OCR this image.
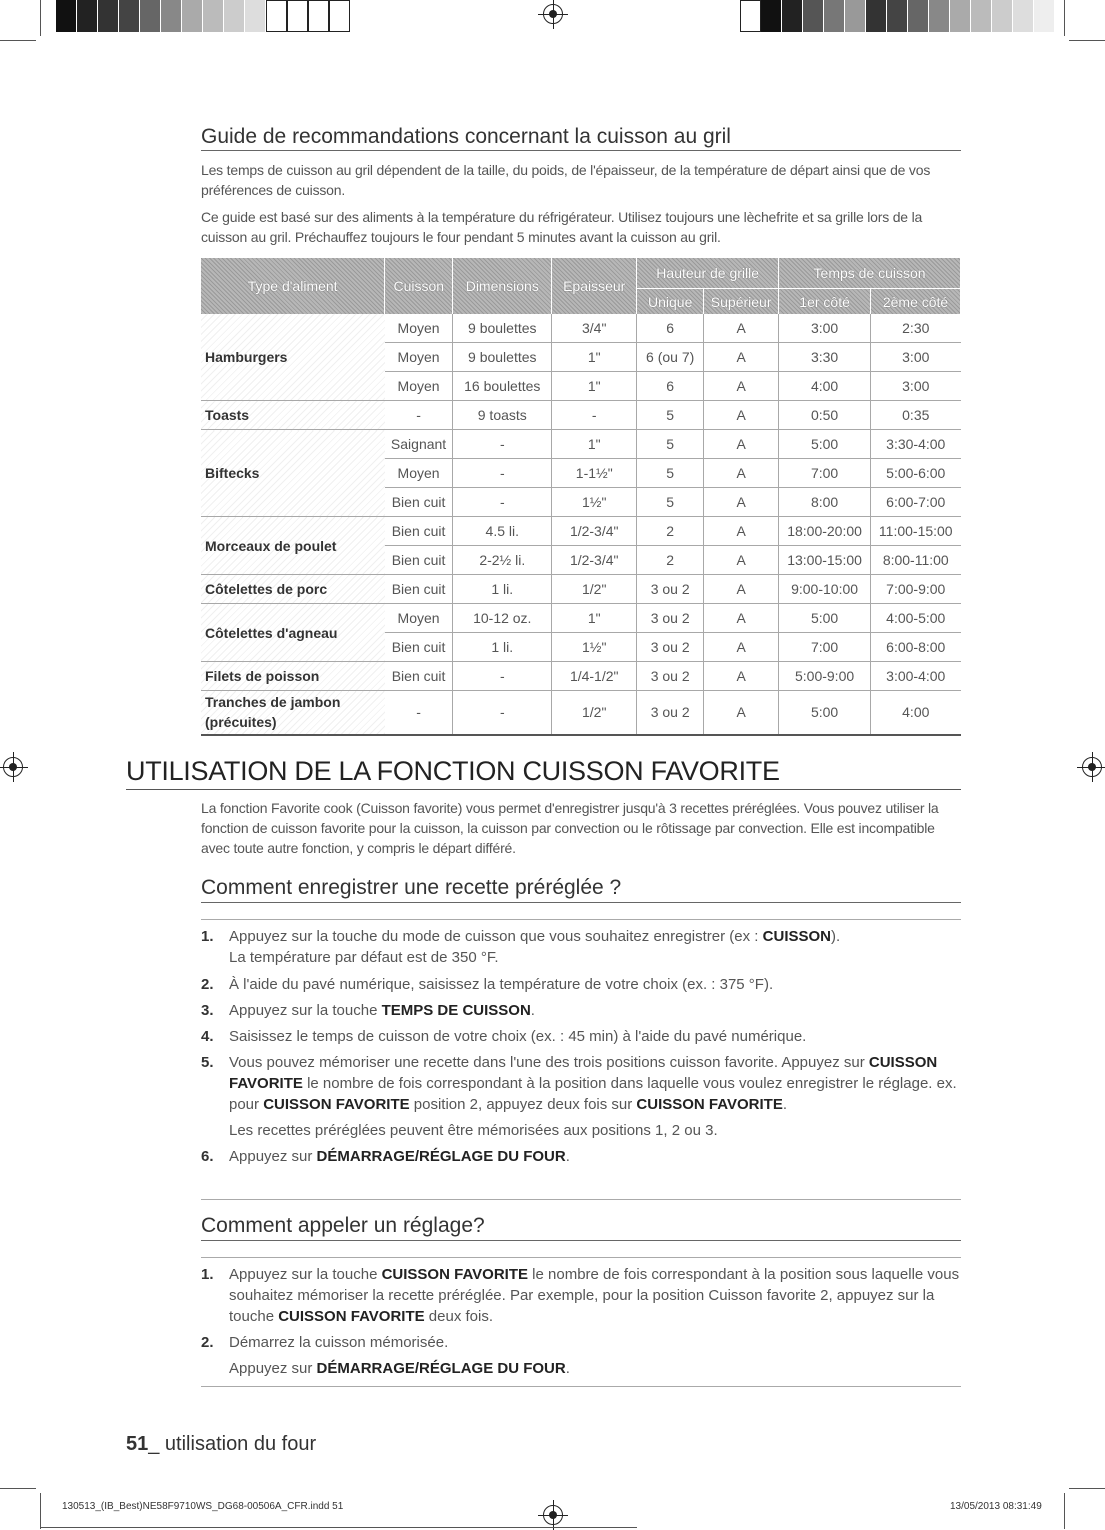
Guide de recommandations concernant la cuisson au gril

Les temps de cuisson au gril dépendent de la taille, du poids, de l'épaisseur, de la température de départ ainsi que de vos préférences de cuisson.

Ce guide est basé sur des aliments à la température du réfrigérateur. Utilisez toujours une lèchefrite et sa grille lors de la cuisson au gril. Préchauffez toujours le four pendant 5 minutes avant la cuisson au gril.

Type d'aliment	Cuisson	Dimensions	Epaisseur	Hauteur de grille		Temps de cuisson	
				Unique	Supérieur	1er côté	2ème côté
Hamburgers	Moyen	9 boulettes	3/4"	6	A	3:00	2:30
	Moyen	9 boulettes	1"	6 (ou 7)	A	3:30	3:00
	Moyen	16 boulettes	1"	6	A	4:00	3:00
Toasts	-	9 toasts	-	5	A	0:50	0:35
Biftecks	Saignant	-	1"	5	A	5:00	3:30-4:00
	Moyen	-	1-1½"	5	A	7:00	5:00-6:00
	Bien cuit	-	1½"	5	A	8:00	6:00-7:00
Morceaux de poulet	Bien cuit	4.5 li.	1/2-3/4"	2	A	18:00-20:00	11:00-15:00
	Bien cuit	2-2½ li.	1/2-3/4"	2	A	13:00-15:00	8:00-11:00
Côtelettes de porc	Bien cuit	1 li.	1/2"	3 ou 2	A	9:00-10:00	7:00-9:00
Côtelettes d'agneau	Moyen	10-12 oz.	1"	3 ou 2	A	5:00	4:00-5:00
	Bien cuit	1 li.	1½"	3 ou 2	A	7:00	6:00-8:00
Filets de poisson	Bien cuit	-	1/4-1/2"	3 ou 2	A	5:00-9:00	3:00-4:00
Tranches de jambon (précuites)	-	-	1/2"	3 ou 2	A	5:00	4:00
UTILISATION DE LA FONCTION CUISSON FAVORITE

La fonction Favorite cook (Cuisson favorite) vous permet d'enregistrer jusqu'à 3 recettes préréglées. Vous pouvez utiliser la fonction de cuisson favorite pour la cuisson, la cuisson par convection ou le rôtissage par convection. Elle est incompatible avec toute autre fonction, y compris le départ différé.

Comment enregistrer une recette préréglée ?
1. Appuyez sur la touche du mode de cuisson que vous souhaitez enregistrer (ex : CUISSON).
La température par défaut est de 350 °F.
2. À l'aide du pavé numérique, saisissez la température de votre choix (ex. : 375 °F).
3. Appuyez sur la touche TEMPS DE CUISSON.
4. Saisissez le temps de cuisson de votre choix (ex. : 45 min) à l'aide du pavé numérique.
5. Vous pouvez mémoriser une recette dans l'une des trois positions cuisson favorite. Appuyez sur CUISSON FAVORITE le nombre de fois correspondant à la position dans laquelle vous voulez enregistrer le réglage. ex. pour CUISSON FAVORITE position 2, appuyez deux fois sur CUISSON FAVORITE.
Les recettes préréglées peuvent être mémorisées aux positions 1, 2 ou 3.
6. Appuyez sur DÉMARRAGE/RÉGLAGE DU FOUR.
Comment appeler un réglage?
1. Appuyez sur la touche CUISSON FAVORITE le nombre de fois correspondant à la position sous laquelle vous souhaitez mémoriser la recette préréglée. Par exemple, pour la position Cuisson favorite 2, appuyez sur la touche CUISSON FAVORITE deux fois.
2. Démarrez la cuisson mémorisée.
Appuyez sur DÉMARRAGE/RÉGLAGE DU FOUR.
51_ utilisation du four
130513_(IB_Best)NE58F9710WS_DG68-00506A_CFR.indd 51	13/05/2013 08:31:49
